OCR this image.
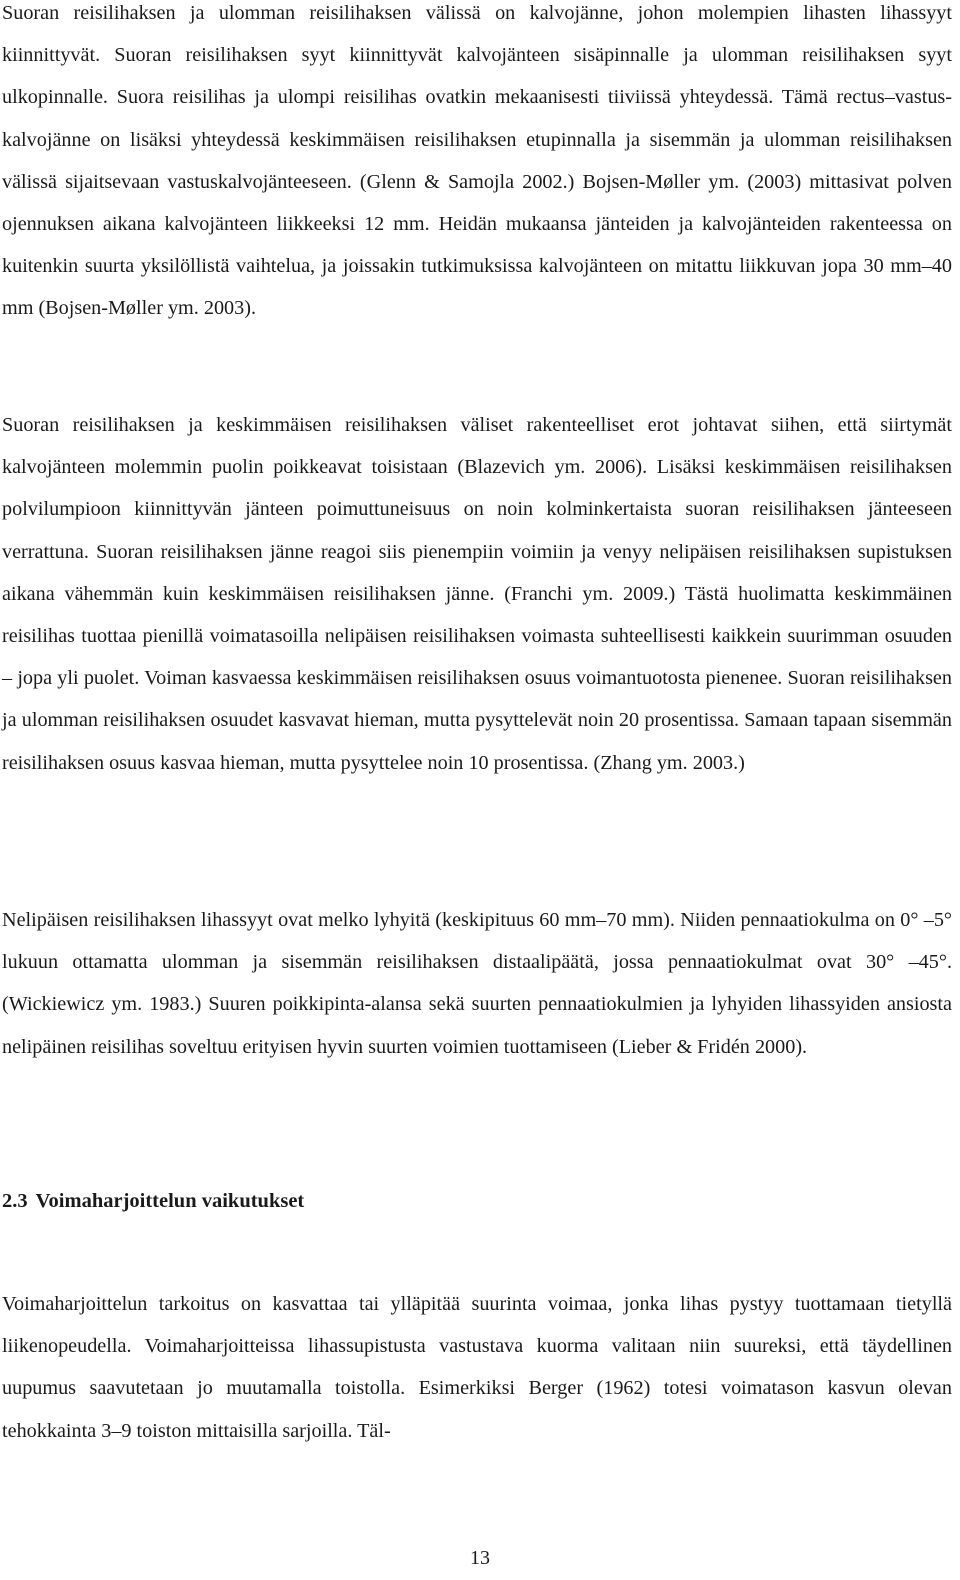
Suoran reisilihaksen ja ulomman reisilihaksen välissä on kalvojänne, johon molempien lihasten lihassyyt kiinnittyvät. Suoran reisilihaksen syyt kiinnittyvät kalvojänteen sisäpinnalle ja ulomman reisilihaksen syyt ulkopinnalle. Suora reisilihas ja ulompi reisilihas ovatkin mekaanisesti tiiviissä yhteydessä. Tämä rectus–vastus-kalvojänne on lisäksi yhteydessä keskimmäisen reisilihaksen etupinnalla ja sisemmän ja ulomman reisilihaksen välissä sijaitsevaan vastuskalvojänteeseen. (Glenn & Samojla 2002.) Bojsen-Møller ym. (2003) mittasivat polven ojennuksen aikana kalvojänteen liikkeeksi 12 mm. Heidän mukaansa jänteiden ja kalvojänteiden rakenteessa on kuitenkin suurta yksilöllistä vaihtelua, ja joissakin tutkimuksissa kalvojänteen on mitattu liikkuvan jopa 30 mm–40 mm (Bojsen-Møller ym. 2003).

Suoran reisilihaksen ja keskimmäisen reisilihaksen väliset rakenteelliset erot johtavat siihen, että siirtymät kalvojänteen molemmin puolin poikkeavat toisistaan (Blazevich ym. 2006). Lisäksi keskimmäisen reisilihaksen polvilumpioon kiinnittyvän jänteen poimuttuneisuus on noin kolminkertaista suoran reisilihaksen jänteeseen verrattuna. Suoran reisilihaksen jänne reagoi siis pienempiin voimiin ja venyy nelipäisen reisilihaksen supistuksen aikana vähemmän kuin keskimmäisen reisilihaksen jänne. (Franchi ym. 2009.) Tästä huolimatta keskimmäinen reisilihas tuottaa pienillä voimatasoilla nelipäisen reisilihaksen voimasta suhteellisesti kaikkein suurimman osuuden – jopa yli puolet. Voiman kasvaessa keskimmäisen reisilihaksen osuus voimantuotosta pienenee. Suoran reisilihaksen ja ulomman reisilihaksen osuudet kasvavat hieman, mutta pysyttelevät noin 20 prosentissa. Samaan tapaan sisemmän reisilihaksen osuus kasvaa hieman, mutta pysyttelee noin 10 prosentissa. (Zhang ym. 2003.)

Nelipäisen reisilihaksen lihassyyt ovat melko lyhyitä (keskipituus 60 mm–70 mm). Niiden pennaatiokulma on 0° –5° lukuun ottamatta ulomman ja sisemmän reisilihaksen distaalipäätä, jossa pennaatiokulmat ovat 30° –45°. (Wickiewicz ym. 1983.) Suuren poikkipinta-alansa sekä suurten pennaatiokulmien ja lyhyiden lihassyiden ansiosta nelipäinen reisilihas soveltuu erityisen hyvin suurten voimien tuottamiseen (Lieber & Fridén 2000).

2.3 Voimaharjoittelun vaikutukset

Voimaharjoittelun tarkoitus on kasvattaa tai ylläpitää suurinta voimaa, jonka lihas pystyy tuottamaan tietyllä liikenopeudella. Voimaharjoitteissa lihassupistusta vastustava kuorma valitaan niin suureksi, että täydellinen uupumus saavutetaan jo muutamalla toistolla. Esimerkiksi Berger (1962) totesi voimatason kasvun olevan tehokkainta 3–9 toiston mittaisilla sarjoilla. Täl-

13
